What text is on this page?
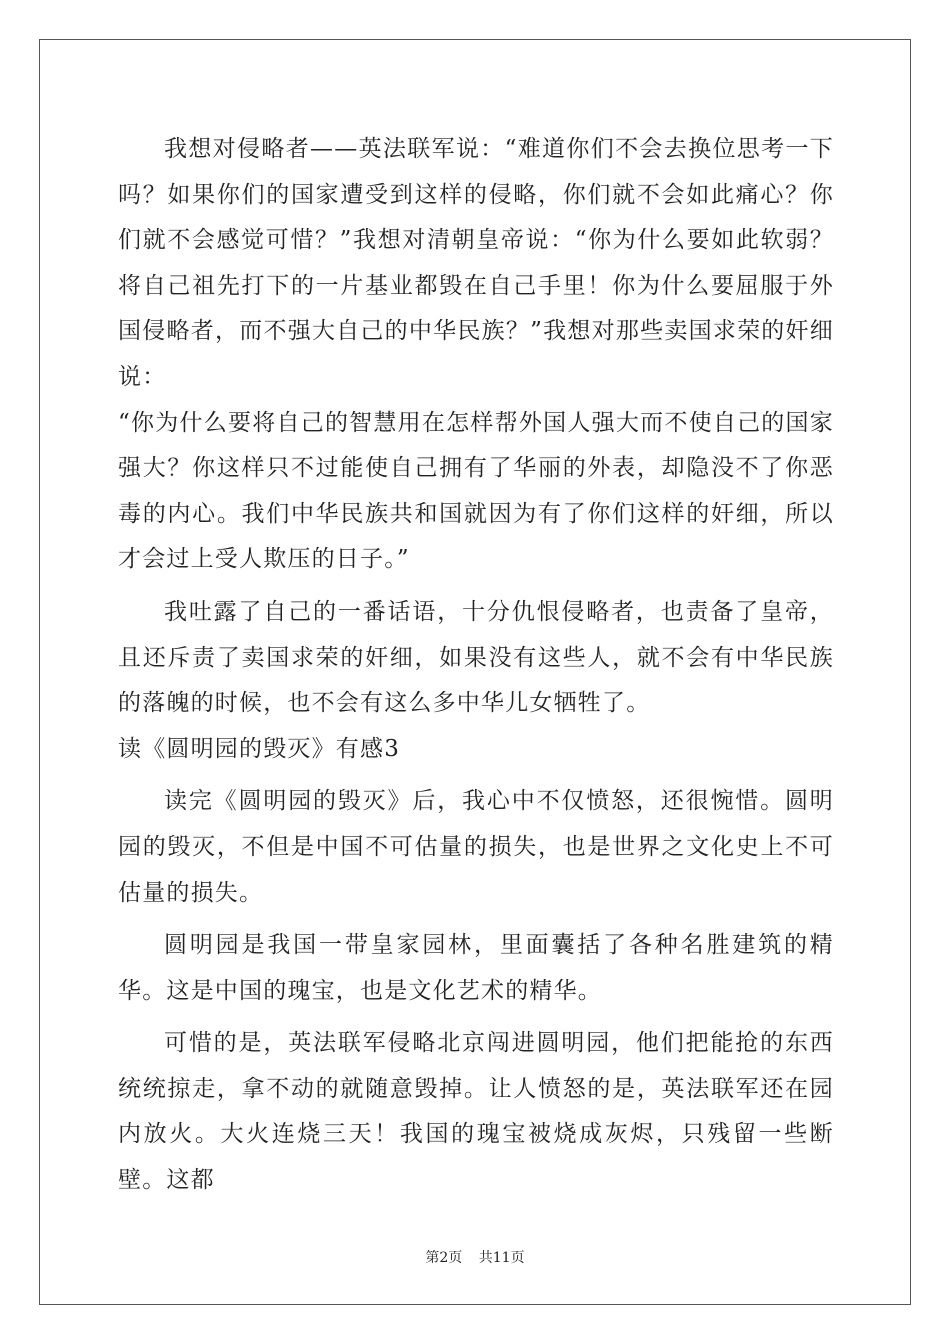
我想对侵略者——英法联军说：“难道你们不会去换位思考一下吗？如果你们的国家遭受到这样的侵略，你们就不会如此痛心？你们就不会感觉可惜？”我想对清朝皇帝说：“你为什么要如此软弱？将自己祖先打下的一片基业都毁在自己手里！你为什么要屈服于外国侵略者，而不强大自己的中华民族？”我想对那些卖国求荣的奸细说：

“你为什么要将自己的智慧用在怎样帮外国人强大而不使自己的国家强大？你这样只不过能使自己拥有了华丽的外表，却隐没不了你恶毒的内心。我们中华民族共和国就因为有了你们这样的奸细，所以才会过上受人欺压的日子。”

我吐露了自己的一番话语，十分仇恨侵略者，也责备了皇帝，且还斥责了卖国求荣的奸细，如果没有这些人，就不会有中华民族的落魄的时候，也不会有这么多中华儿女牺牲了。

读《圆明园的毁灭》有感3

读完《圆明园的毁灭》后，我心中不仅愤怒，还很惋惜。圆明园的毁灭，不但是中国不可估量的损失，也是世界之文化史上不可估量的损失。

圆明园是我国一带皇家园林，里面囊括了各种名胜建筑的精华。这是中国的瑰宝，也是文化艺术的精华。

可惜的是，英法联军侵略北京闯进圆明园，他们把能抢的东西统统掠走，拿不动的就随意毁掉。让人愤怒的是，英法联军还在园内放火。大火连烧三天！我国的瑰宝被烧成灰烬，只残留一些断壁。这都

第2页 共11页
